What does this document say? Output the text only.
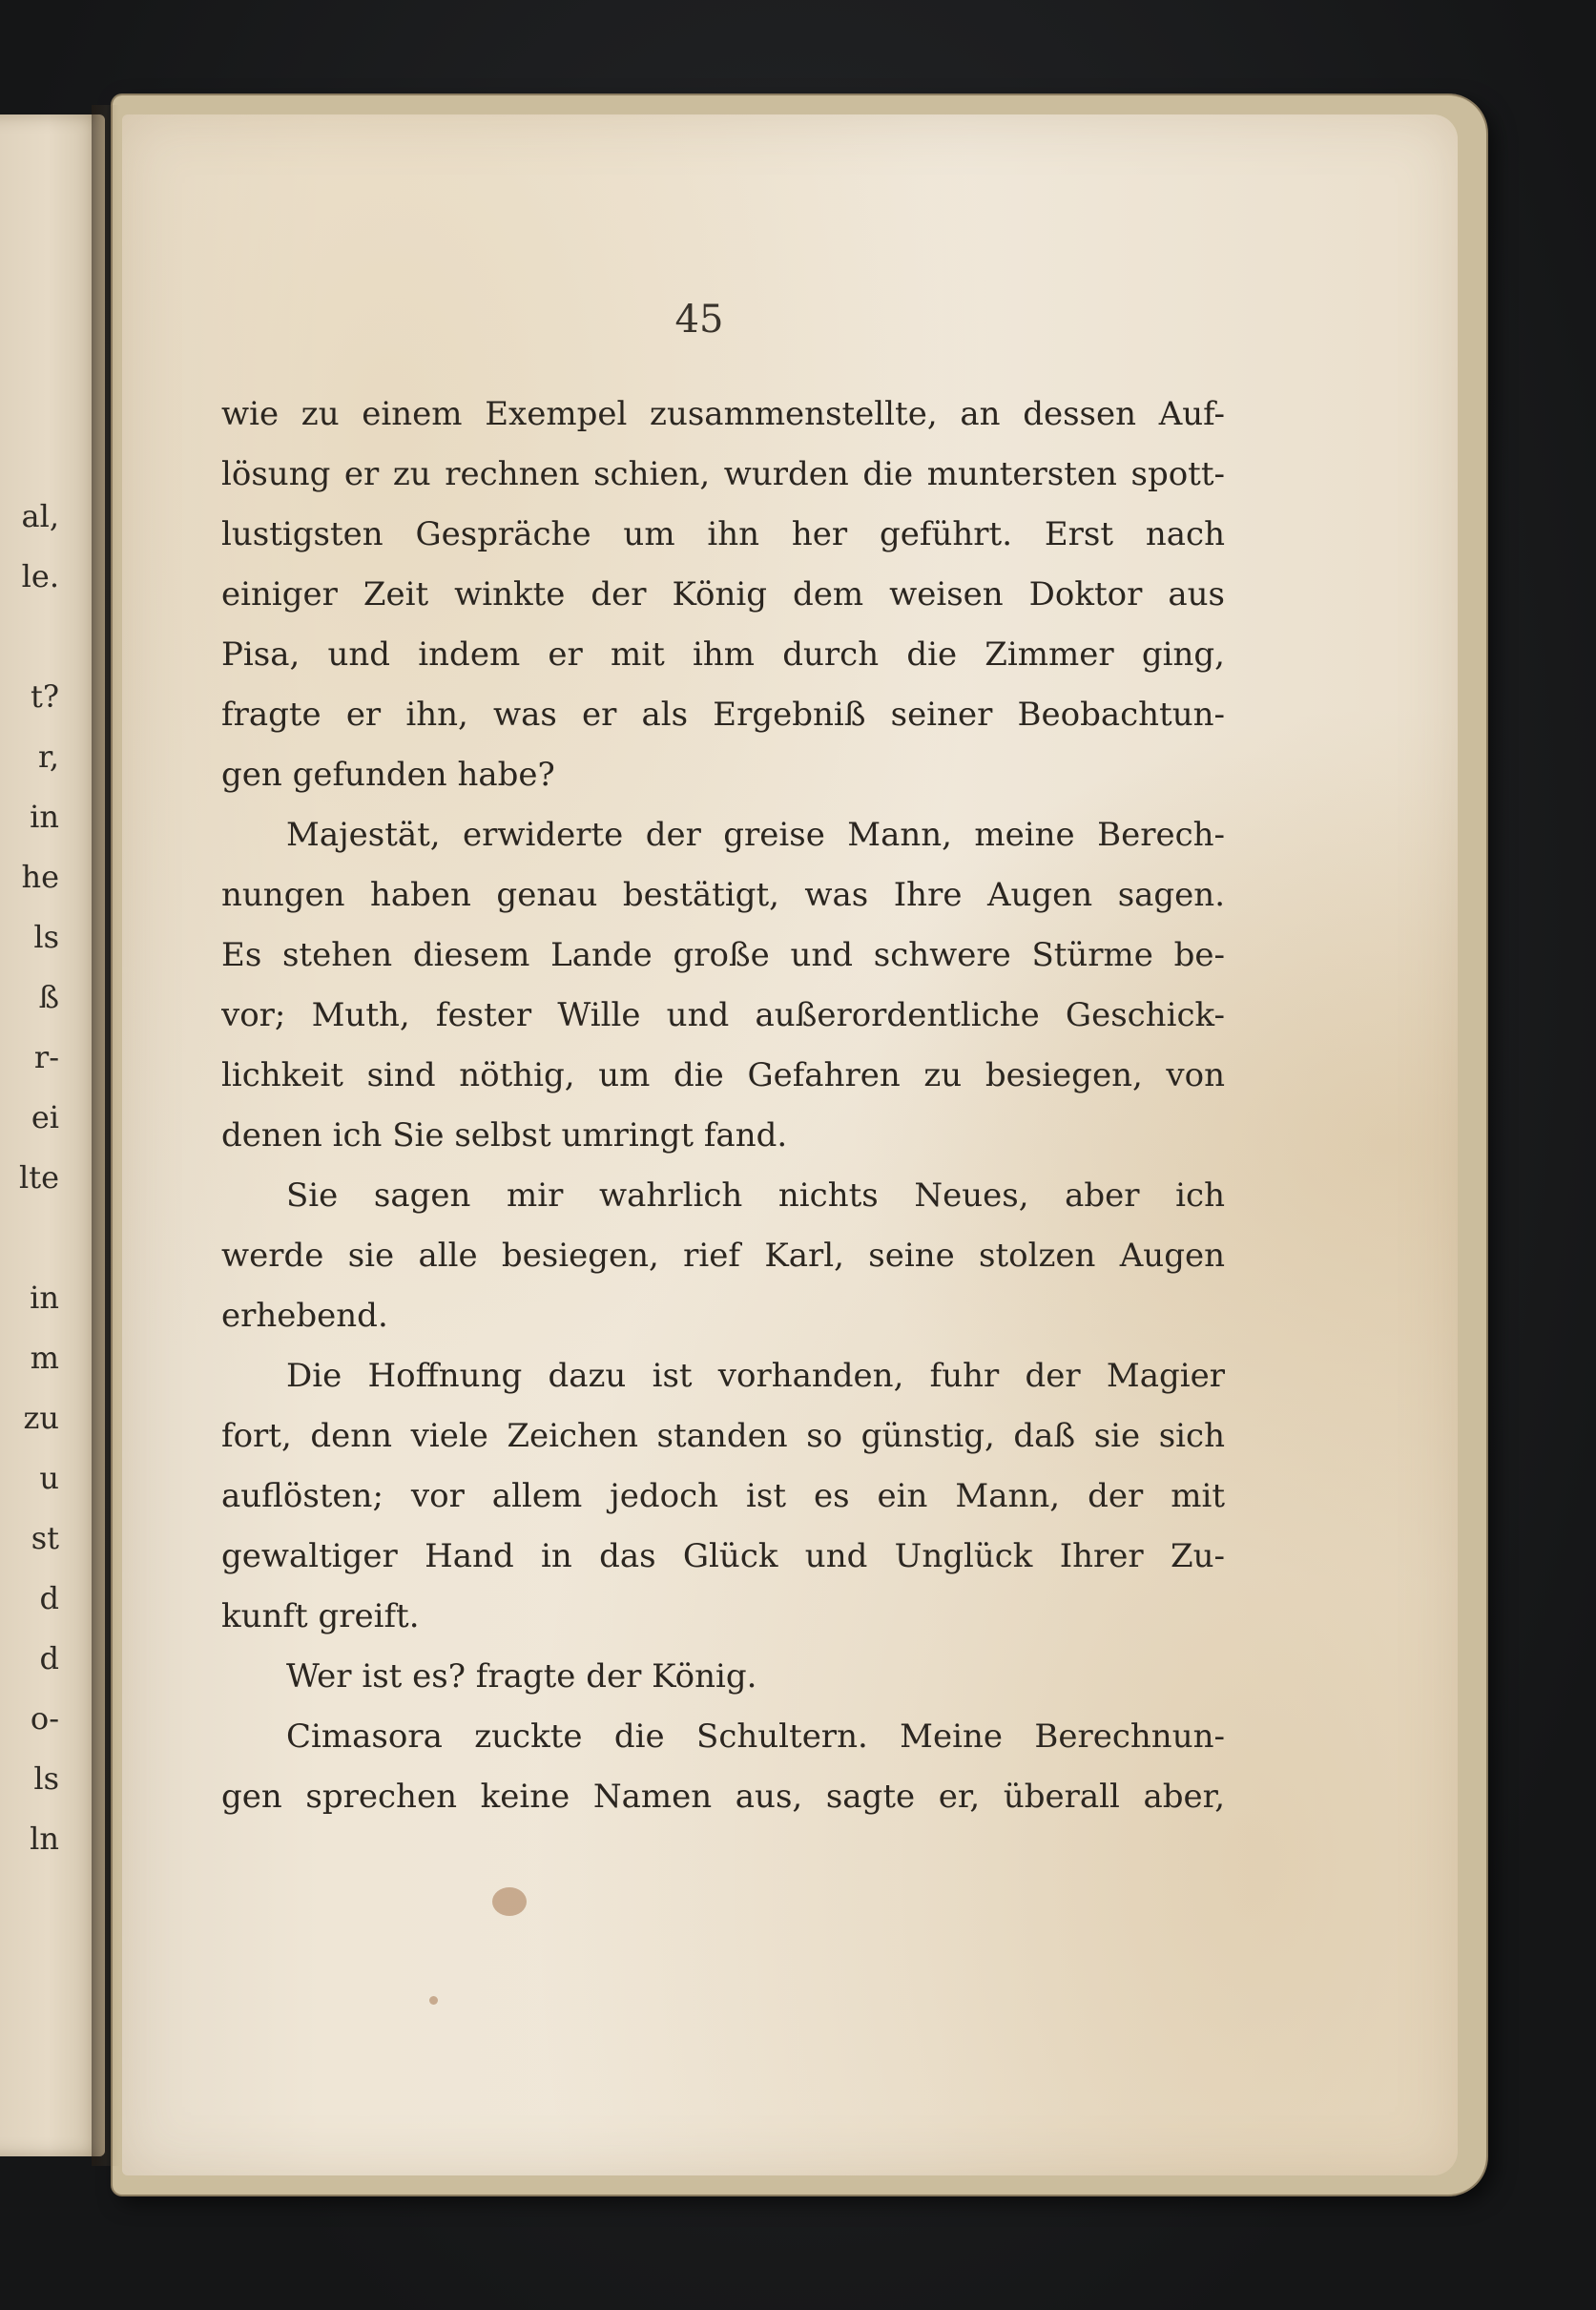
al,
le.
t?
r,
in
he
ls
ß
r-
ei
lte
in
m
zu
u
st
d
d
o-
ls
ln
45
wie zu einem Exempel zusammenstellte, an dessen Auf-
lösung er zu rechnen schien, wurden die muntersten spott-
lustigsten Gespräche um ihn her geführt. Erst nach
einiger Zeit winkte der König dem weisen Doktor aus
Pisa, und indem er mit ihm durch die Zimmer ging,
fragte er ihn, was er als Ergebniß seiner Beobachtun-
gen gefunden habe?
Majestät, erwiderte der greise Mann, meine Berech-
nungen haben genau bestätigt, was Ihre Augen sagen.
Es stehen diesem Lande große und schwere Stürme be-
vor; Muth, fester Wille und außerordentliche Geschick-
lichkeit sind nöthig, um die Gefahren zu besiegen, von
denen ich Sie selbst umringt fand.
Sie sagen mir wahrlich nichts Neues, aber ich
werde sie alle besiegen, rief Karl, seine stolzen Augen
erhebend.
Die Hoffnung dazu ist vorhanden, fuhr der Magier
fort, denn viele Zeichen standen so günstig, daß sie sich
auflösten; vor allem jedoch ist es ein Mann, der mit
gewaltiger Hand in das Glück und Unglück Ihrer Zu-
kunft greift.
Wer ist es? fragte der König.
Cimasora zuckte die Schultern. Meine Berechnun-
gen sprechen keine Namen aus, sagte er, überall aber,
